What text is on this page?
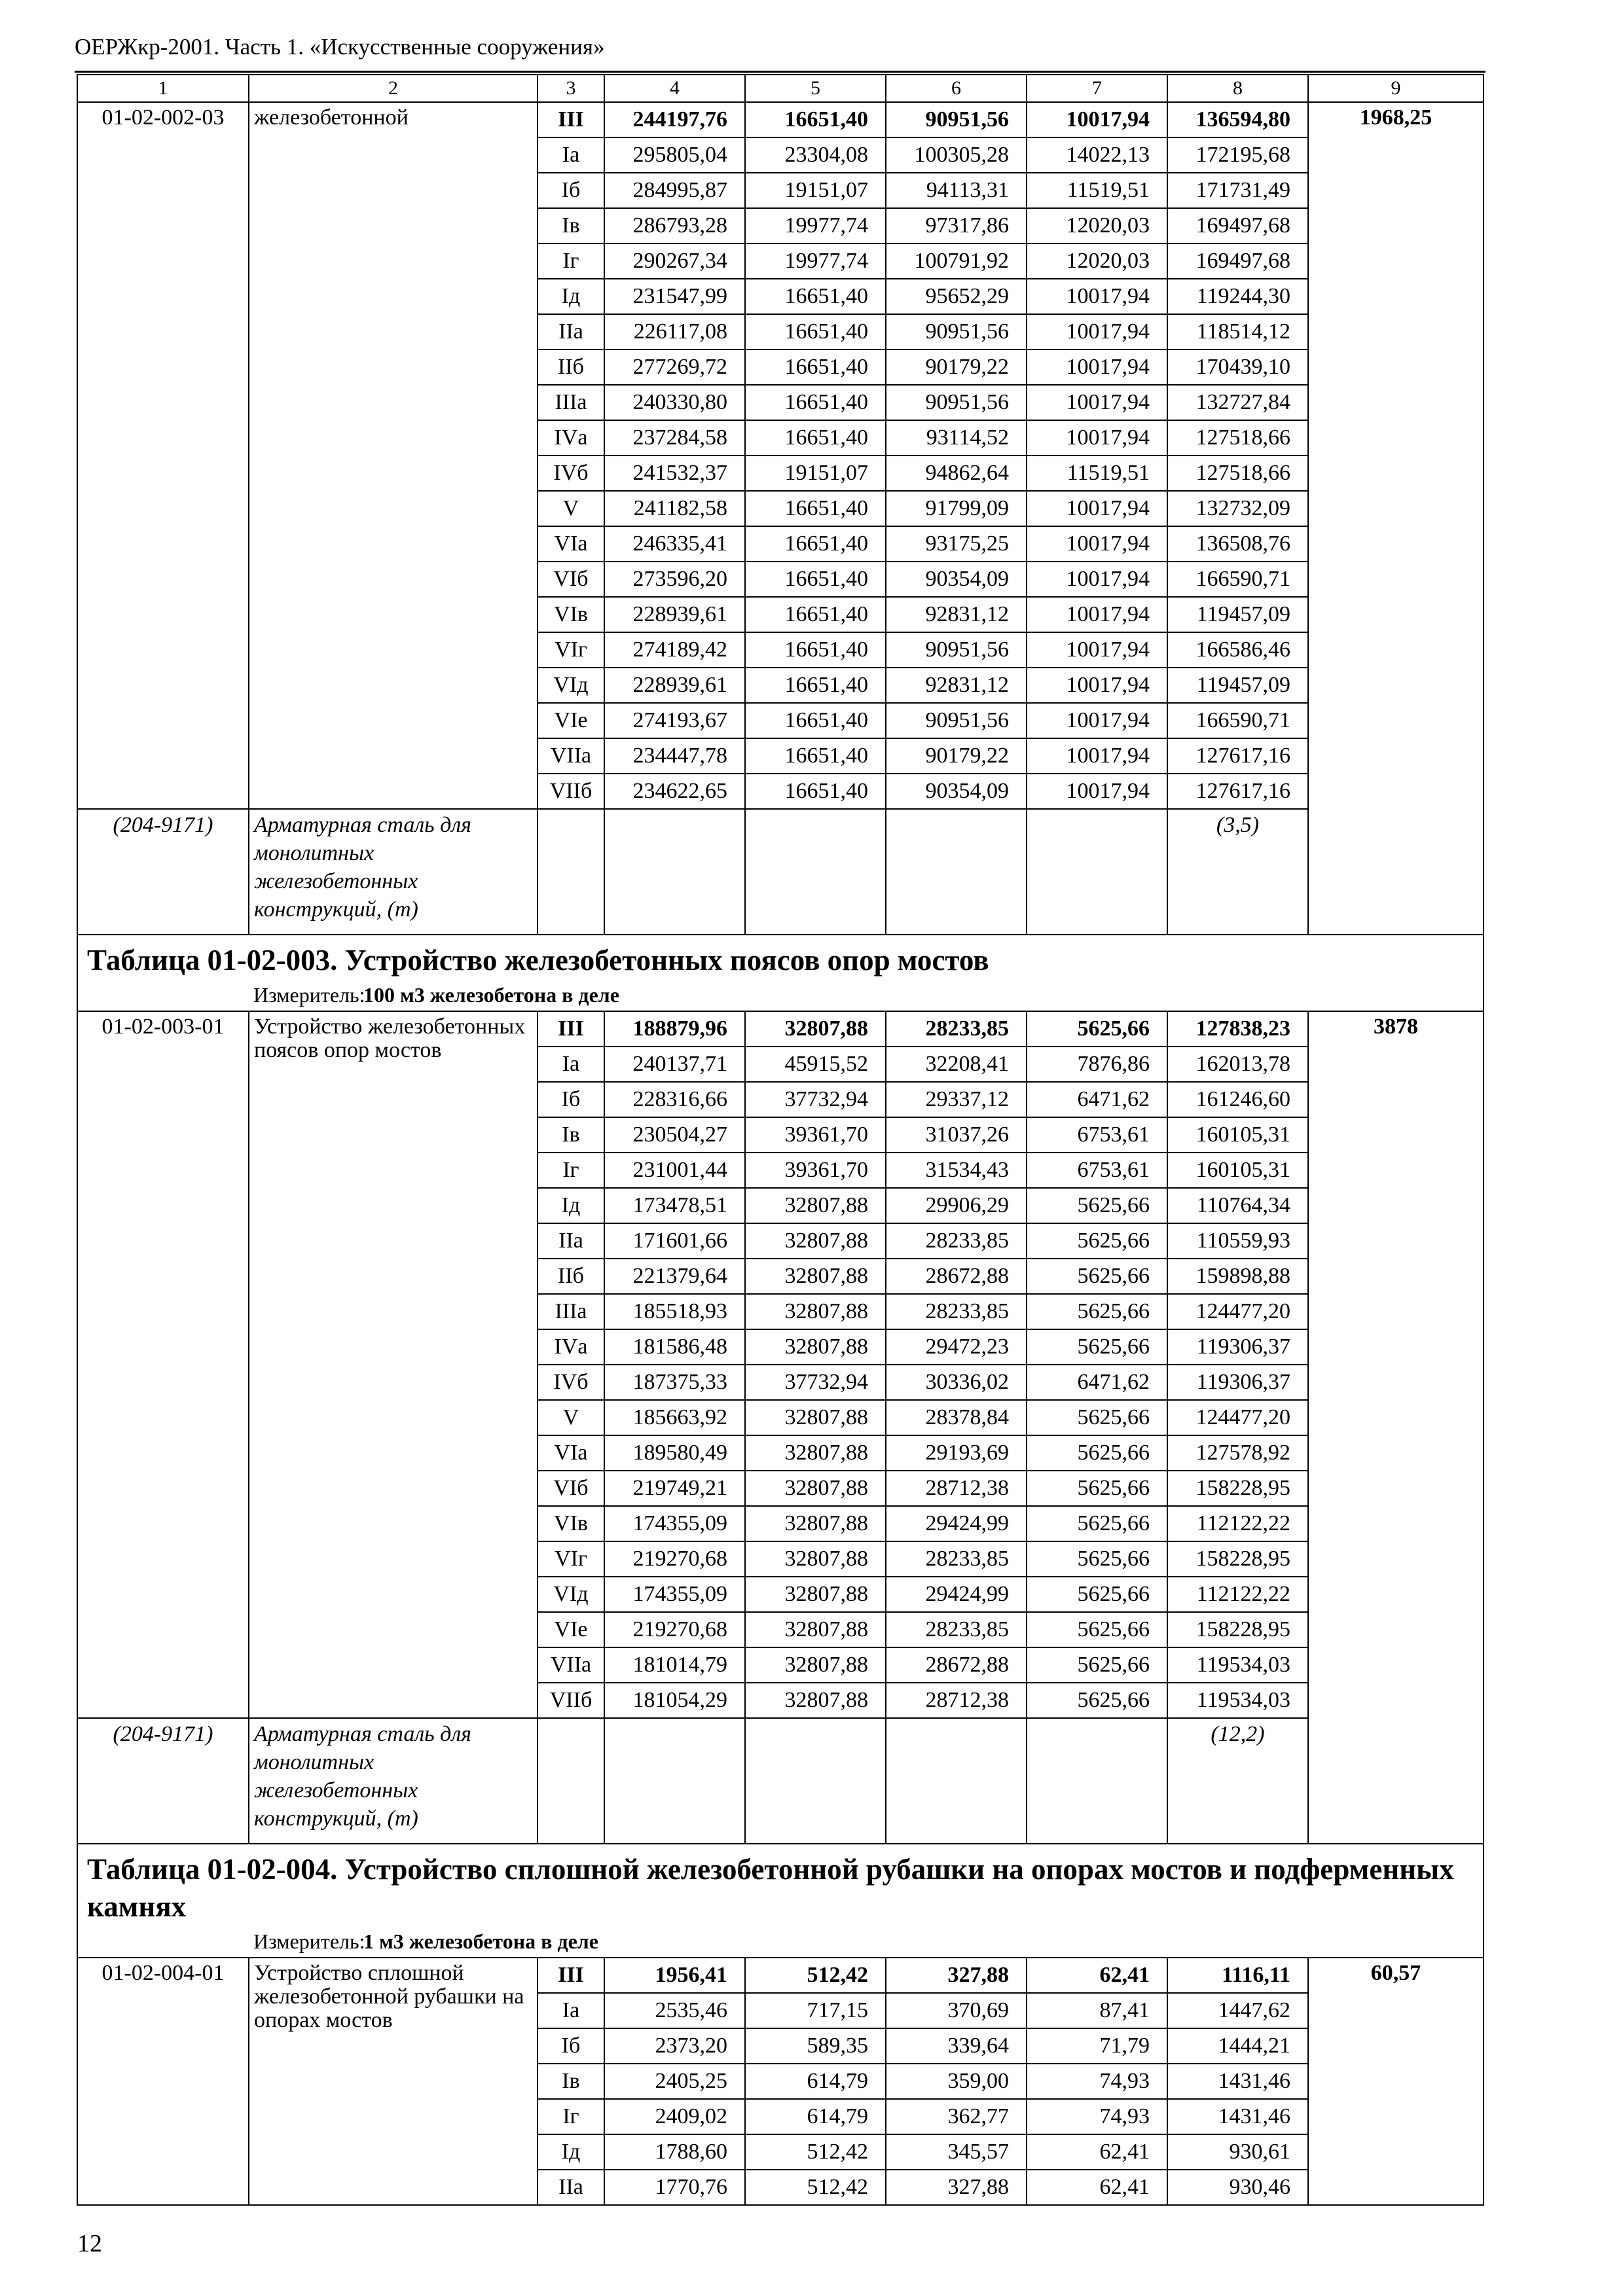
ОЕРЖкр-2001. Часть 1. «Искусственные сооружения»
1	2	3	4	5	6	7	8	9
01-02-002-03	железобетонной	III	244197,76	16651,40	90951,56	10017,94	136594,80	1968,25
		Iа	295805,04	23304,08	100305,28	14022,13	172195,68	
		Iб	284995,87	19151,07	94113,31	11519,51	171731,49	
		Iв	286793,28	19977,74	97317,86	12020,03	169497,68	
		Iг	290267,34	19977,74	100791,92	12020,03	169497,68	
		Iд	231547,99	16651,40	95652,29	10017,94	119244,30	
		IIа	226117,08	16651,40	90951,56	10017,94	118514,12	
		IIб	277269,72	16651,40	90179,22	10017,94	170439,10	
		IIIа	240330,80	16651,40	90951,56	10017,94	132727,84	
		IVа	237284,58	16651,40	93114,52	10017,94	127518,66	
		IVб	241532,37	19151,07	94862,64	11519,51	127518,66	
		V	241182,58	16651,40	91799,09	10017,94	132732,09	
		VIа	246335,41	16651,40	93175,25	10017,94	136508,76	
		VIб	273596,20	16651,40	90354,09	10017,94	166590,71	
		VIв	228939,61	16651,40	92831,12	10017,94	119457,09	
		VIг	274189,42	16651,40	90951,56	10017,94	166586,46	
		VIд	228939,61	16651,40	92831,12	10017,94	119457,09	
		VIе	274193,67	16651,40	90951,56	10017,94	166590,71	
		VIIа	234447,78	16651,40	90179,22	10017,94	127617,16	
		VIIб	234622,65	16651,40	90354,09	10017,94	127617,16	
(204-9171)	Арматурная сталь для монолитных железобетонных конструкций, (т)						(3,5)	

Таблица 01-02-003. Устройство железобетонных поясов опор мостов
Измеритель:
100 м3 железобетона в деле								

01-02-003-01	Устройство железобетонных поясов опор мостов	III	188879,96	32807,88	28233,85	5625,66	127838,23	3878
		Iа	240137,71	45915,52	32208,41	7876,86	162013,78	
		Iб	228316,66	37732,94	29337,12	6471,62	161246,60	
		Iв	230504,27	39361,70	31037,26	6753,61	160105,31	
		Iг	231001,44	39361,70	31534,43	6753,61	160105,31	
		Iд	173478,51	32807,88	29906,29	5625,66	110764,34	
		IIа	171601,66	32807,88	28233,85	5625,66	110559,93	
		IIб	221379,64	32807,88	28672,88	5625,66	159898,88	
		IIIа	185518,93	32807,88	28233,85	5625,66	124477,20	
		IVа	181586,48	32807,88	29472,23	5625,66	119306,37	
		IVб	187375,33	37732,94	30336,02	6471,62	119306,37	
		V	185663,92	32807,88	28378,84	5625,66	124477,20	
		VIа	189580,49	32807,88	29193,69	5625,66	127578,92	
		VIб	219749,21	32807,88	28712,38	5625,66	158228,95	
		VIв	174355,09	32807,88	29424,99	5625,66	112122,22	
		VIг	219270,68	32807,88	28233,85	5625,66	158228,95	
		VIд	174355,09	32807,88	29424,99	5625,66	112122,22	
		VIе	219270,68	32807,88	28233,85	5625,66	158228,95	
		VIIа	181014,79	32807,88	28672,88	5625,66	119534,03	
		VIIб	181054,29	32807,88	28712,38	5625,66	119534,03	
(204-9171)	Арматурная сталь для монолитных железобетонных конструкций, (т)						(12,2)	

Таблица 01-02-004. Устройство сплошной железобетонной рубашки на опорах мостов и подферменных камнях
Измеритель:
1 м3 железобетона в деле								

01-02-004-01	Устройство сплошной железобетонной рубашки на опорах мостов	III	1956,41	512,42	327,88	62,41	1116,11	60,57
		Iа	2535,46	717,15	370,69	87,41	1447,62	
		Iб	2373,20	589,35	339,64	71,79	1444,21	
		Iв	2405,25	614,79	359,00	74,93	1431,46	
		Iг	2409,02	614,79	362,77	74,93	1431,46	
		Iд	1788,60	512,42	345,57	62,41	930,61	
		IIа	1770,76	512,42	327,88	62,41	930,46	
12
